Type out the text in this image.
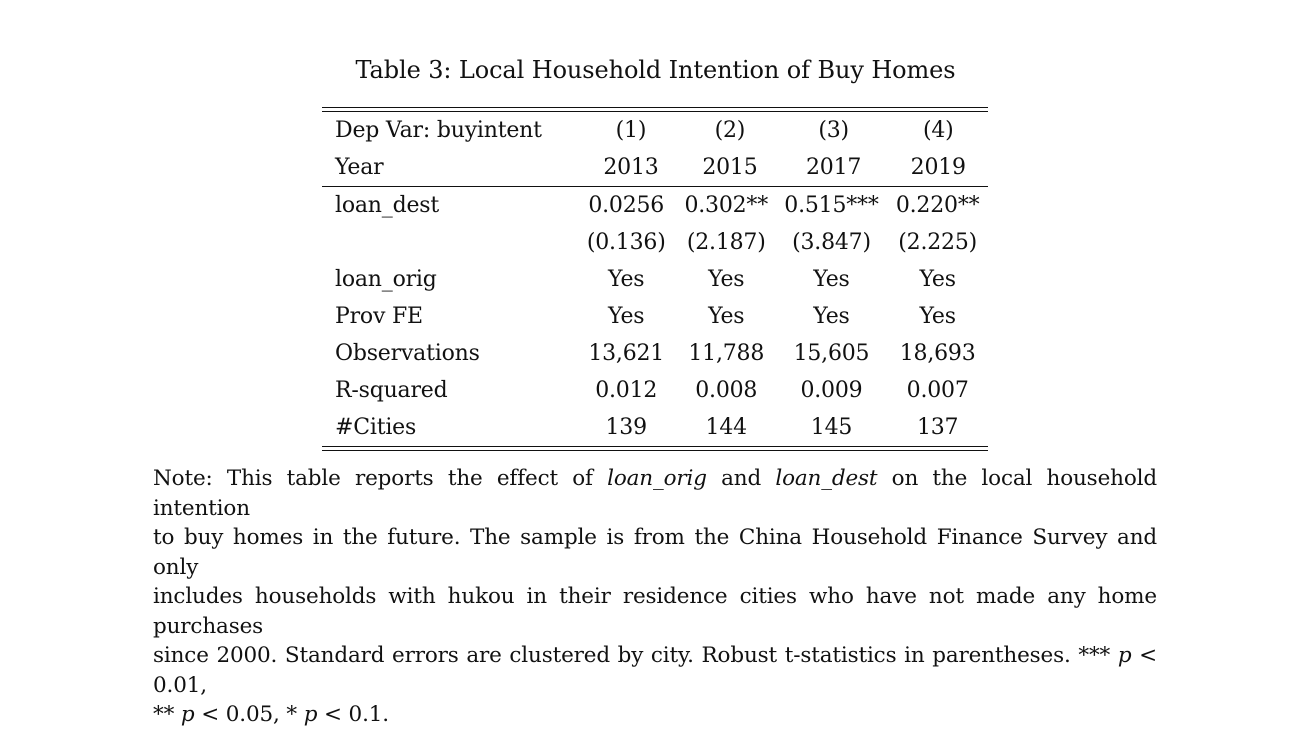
Table 3: Local Household Intention of Buy Homes
Dep Var: buyintent	(1)	(2)	(3)	(4)
Year	2013	2015	2017	2019
loan_dest	0.0256	0.302**	0.515***	0.220**
	(0.136)	(2.187)	(3.847)	(2.225)
loan_orig	Yes	Yes	Yes	Yes
Prov FE	Yes	Yes	Yes	Yes
Observations	13,621	11,788	15,605	18,693
R-squared	0.012	0.008	0.009	0.007
#Cities	139	144	145	137
Note: This table reports the effect of loan_orig and loan_dest on the local household intention
to buy homes in the future. The sample is from the China Household Finance Survey and only
includes households with hukou in their residence cities who have not made any home purchases
since 2000. Standard errors are clustered by city. Robust t-statistics in parentheses. *** p < 0.01,
** p < 0.05, * p < 0.1.
